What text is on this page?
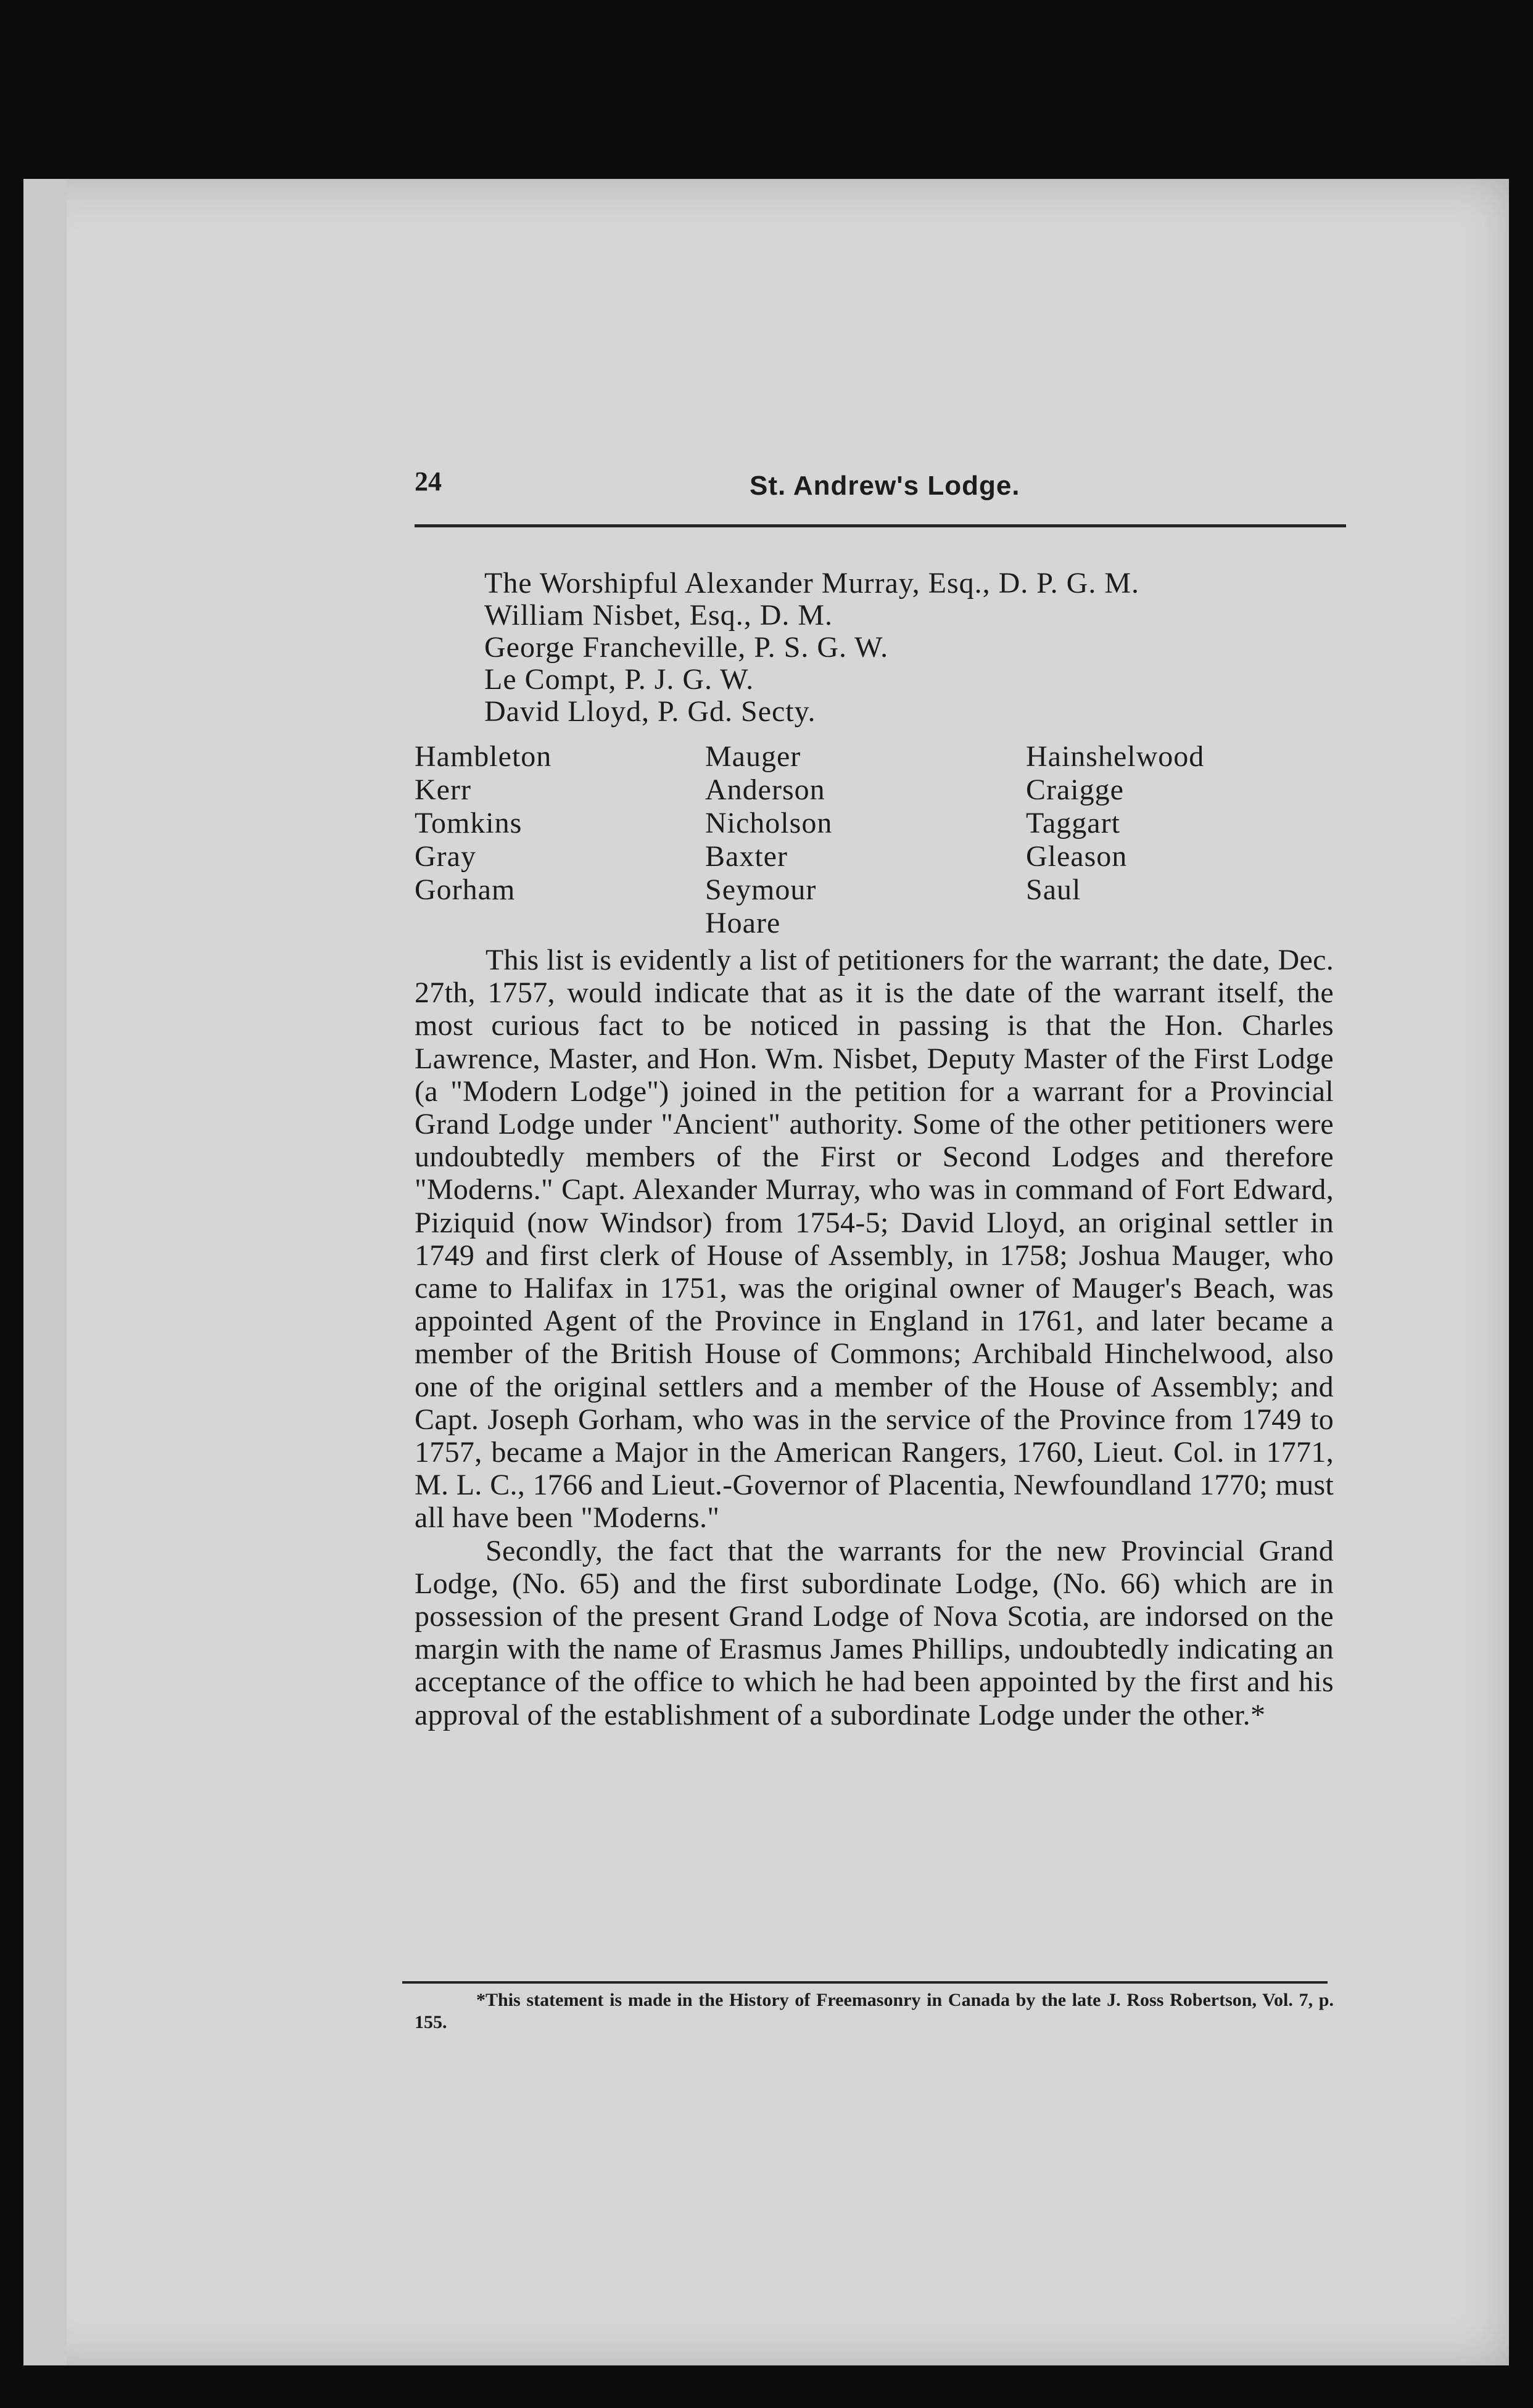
24	St. Andrew's Lodge.
The Worshipful Alexander Murray, Esq., D. P. G. M.
William Nisbet, Esq., D. M.
George Francheville, P. S. G. W.
Le Compt, P. J. G. W.
David Lloyd, P. Gd. Secty.
Hambleton
Kerr
Tomkins
Gray
Gorham
Mauger
Anderson
Nicholson
Baxter
Seymour
Hoare
Hainshelwood
Craigge
Taggart
Gleason
Saul

This list is evidently a list of petitioners for the warrant; the date, Dec. 27th, 1757, would indicate that as it is the date of the warrant itself, the most curious fact to be noticed in passing is that the Hon. Charles Lawrence, Master, and Hon. Wm. Nisbet, Deputy Master of the First Lodge (a "Modern Lodge") joined in the petition for a warrant for a Provincial Grand Lodge under "Ancient" authority. Some of the other petitioners were undoubtedly members of the First or Second Lodges and therefore "Moderns." Capt. Alexander Murray, who was in command of Fort Edward, Piziquid (now Windsor) from 1754-5; David Lloyd, an original settler in 1749 and first clerk of House of Assembly, in 1758; Joshua Mauger, who came to Halifax in 1751, was the original owner of Mauger's Beach, was appointed Agent of the Province in England in 1761, and later became a member of the British House of Commons; Archibald Hinchelwood, also one of the original settlers and a member of the House of Assembly; and Capt. Joseph Gorham, who was in the service of the Province from 1749 to 1757, became a Major in the American Rangers, 1760, Lieut. Col. in 1771, M. L. C., 1766 and Lieut.-Governor of Placentia, Newfoundland 1770; must all have been "Moderns."

Secondly, the fact that the warrants for the new Provincial Grand Lodge, (No. 65) and the first subordinate Lodge, (No. 66) which are in possession of the present Grand Lodge of Nova Scotia, are indorsed on the margin with the name of Erasmus James Phillips, undoubtedly indicating an acceptance of the office to which he had been appointed by the first and his approval of the establishment of a subordinate Lodge under the other.*

*This statement is made in the History of Freemasonry in Canada by the late J. Ross Robertson, Vol. 7, p. 155.
